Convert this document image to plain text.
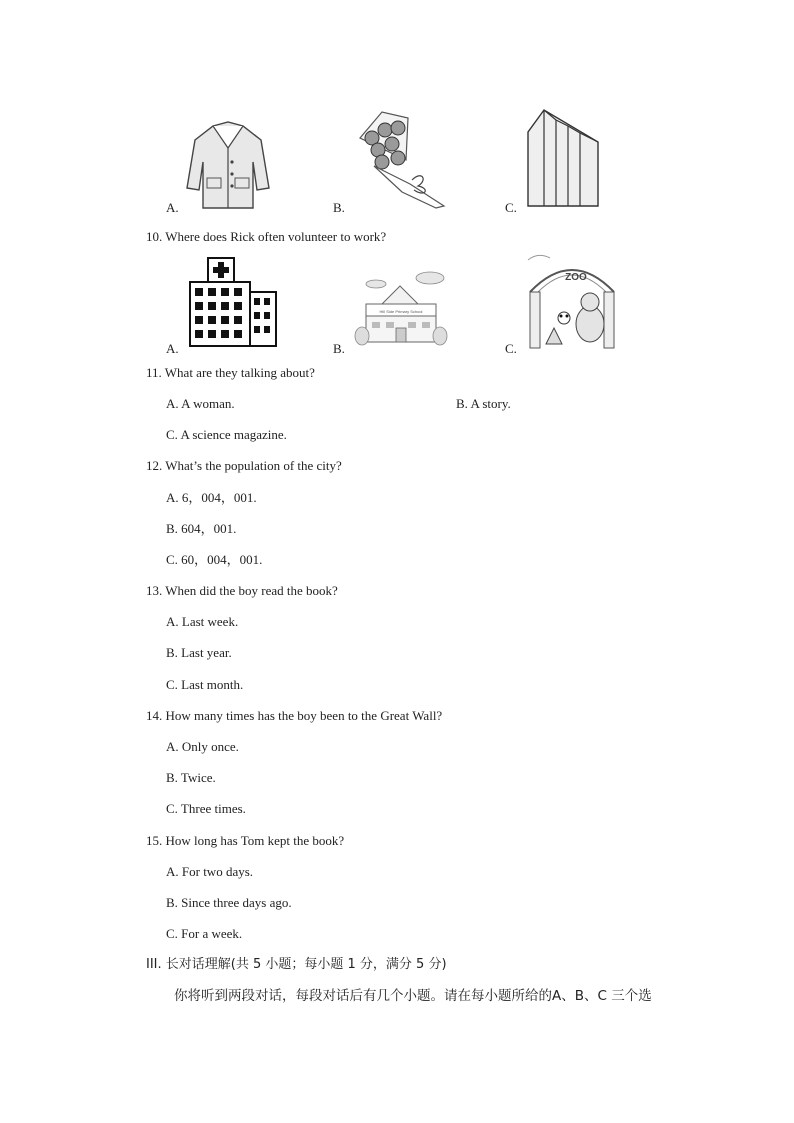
A.	B.	C.
10. Where does Rick often volunteer to work?
A.
Hill Side Primary School
B.
ZOO
C.
11. What are they talking about?
A. A woman.	B. A story.
C. A science magazine.
12. What’s the population of the city?
A. 6，004，001.
B. 604，001.
C. 60，004，001.
13. When did the boy read the book?
A. Last week.
B. Last year.
C. Last month.
14. How many times has the boy been to the Great Wall?
A. Only once.
B. Twice.
C. Three times.
15. How long has Tom kept the book?
A. For two days.
B. Since three days ago.
C. For a week.
III. 长对话理解(共 5 小题；每小题 1 分，满分 5 分)
你将听到两段对话，每段对话后有几个小题。请在每小题所给的A、B、C 三个选
